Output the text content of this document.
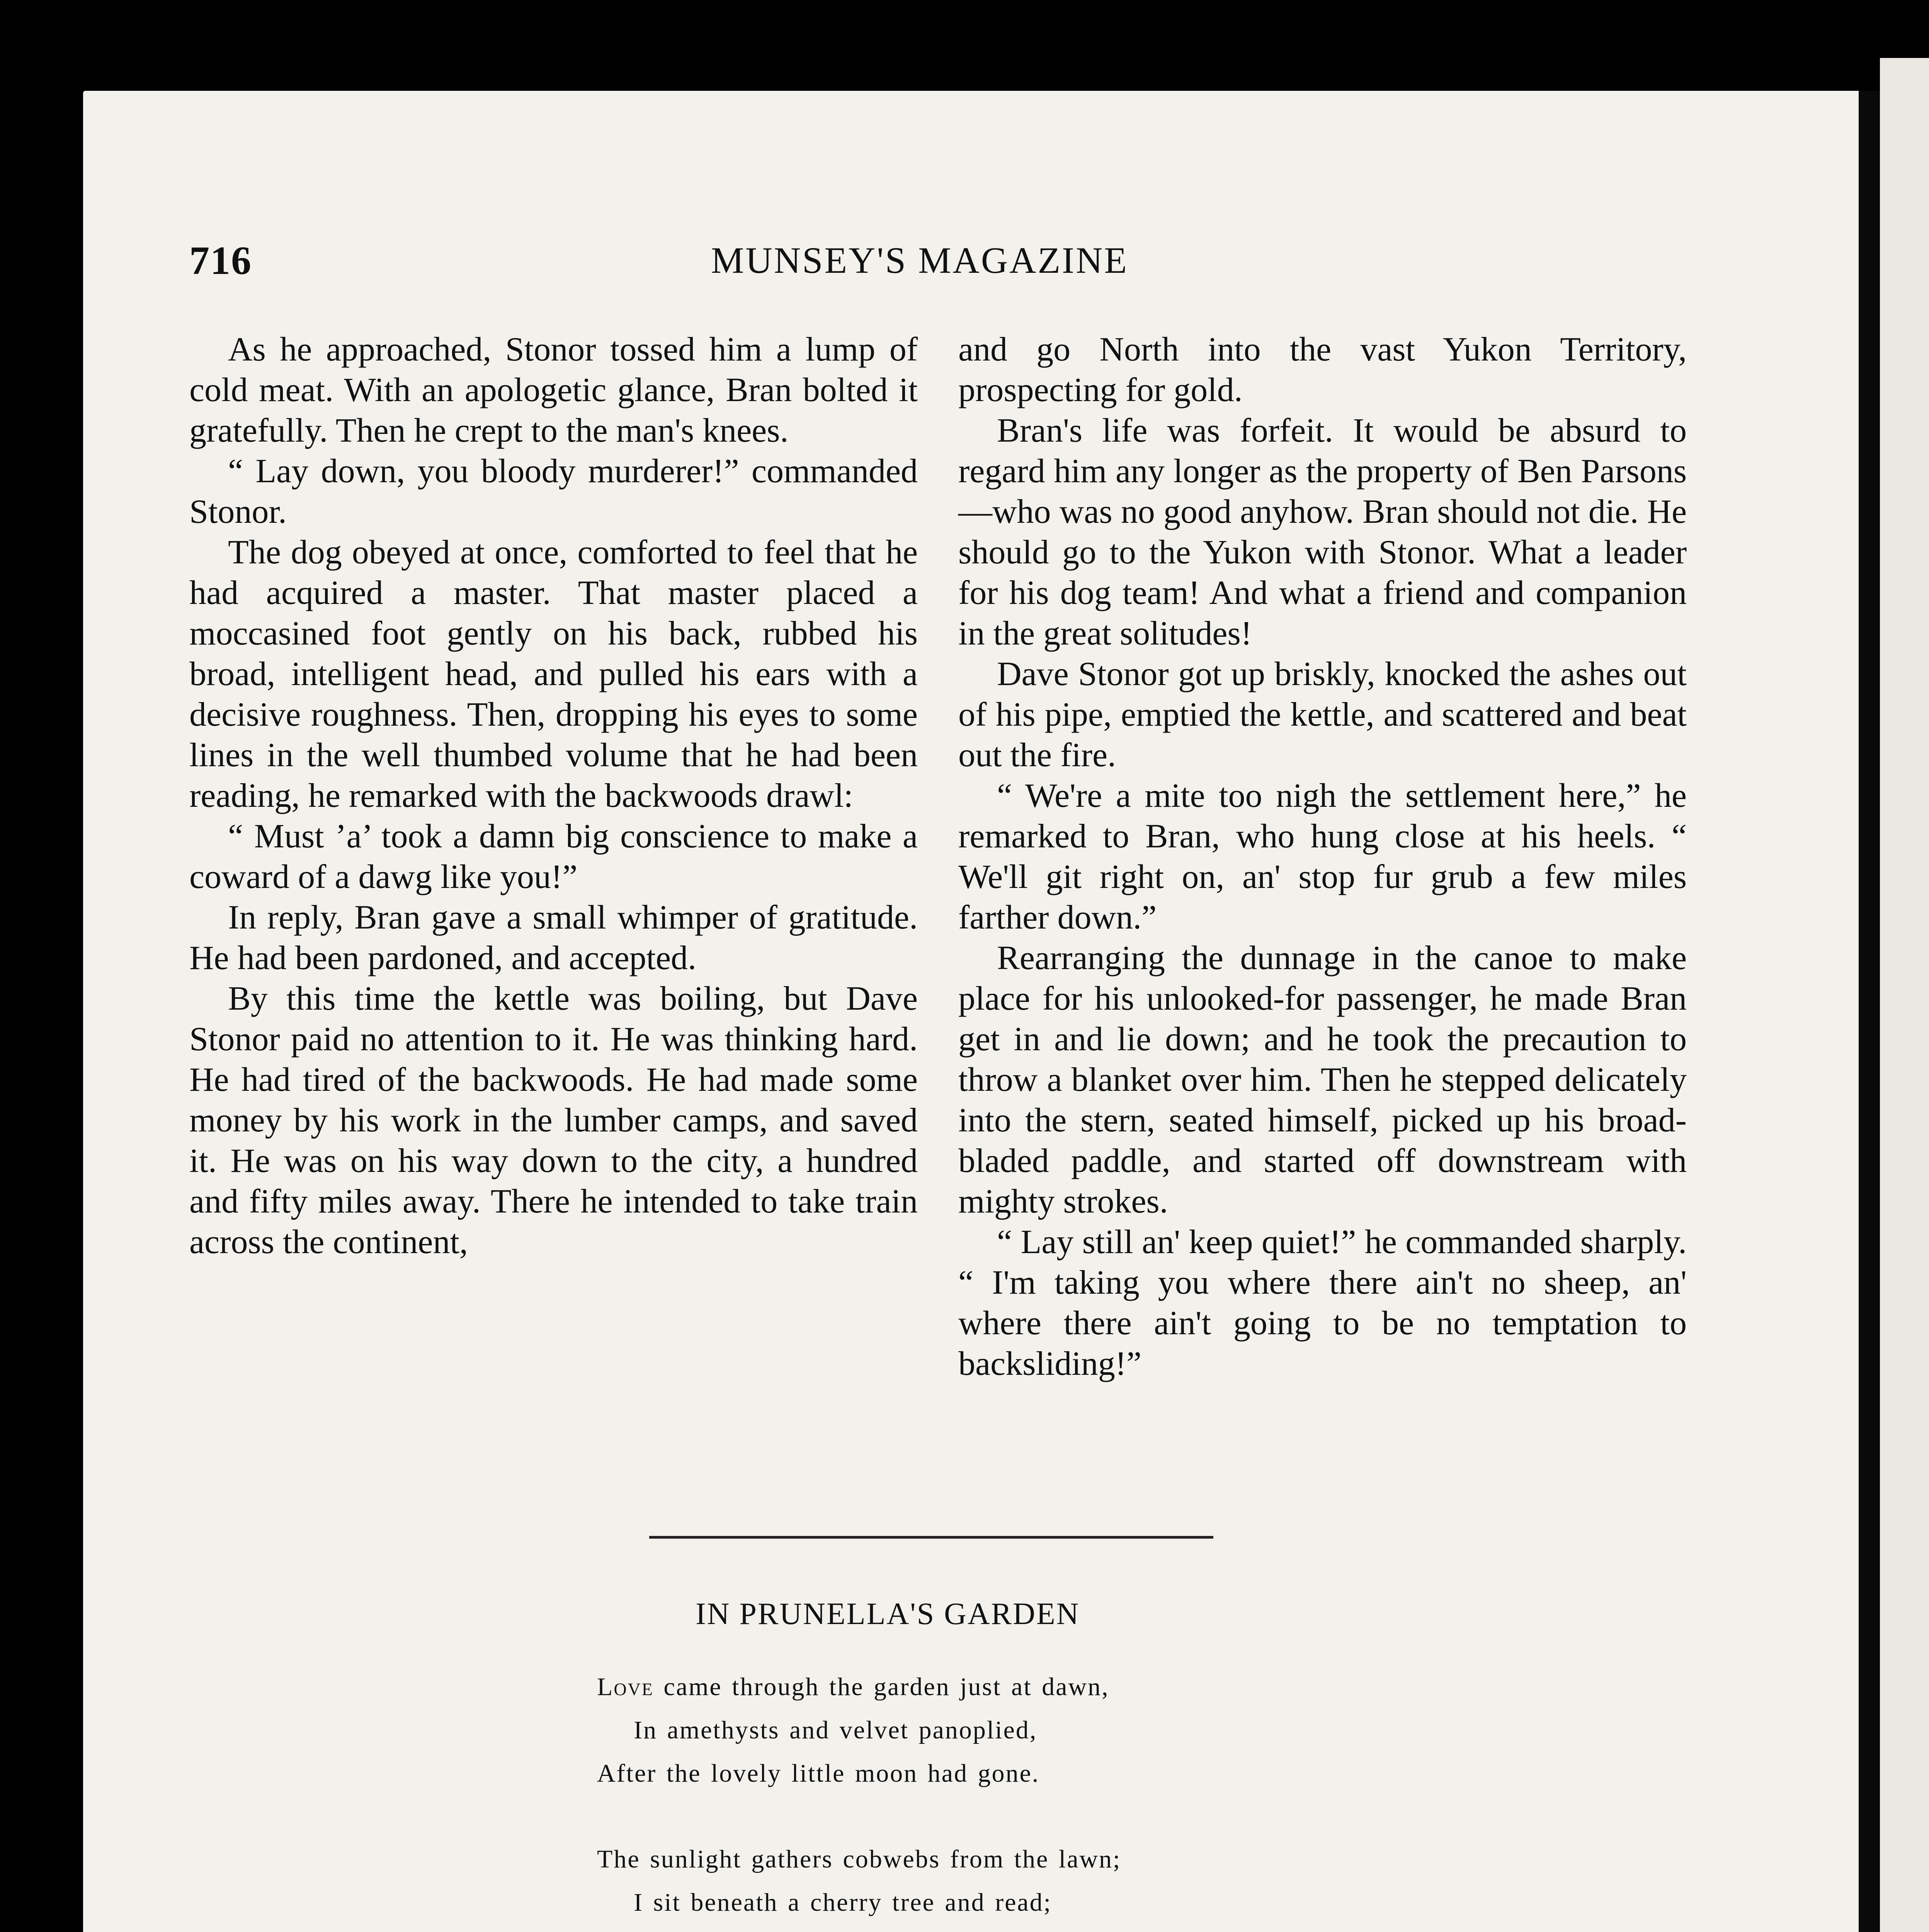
716	MUNSEY'S MAGAZINE

As he approached, Stonor tossed him a lump of cold meat. With an apologetic glance, Bran bolted it gratefully. Then he crept to the man's knees.

“ Lay down, you bloody murderer!” commanded Stonor.

The dog obeyed at once, comforted to feel that he had acquired a master. That master placed a moccasined foot gently on his back, rubbed his broad, intelligent head, and pulled his ears with a decisive roughness. Then, dropping his eyes to some lines in the well thumbed volume that he had been reading, he remarked with the backwoods drawl:

“ Must ’a’ took a damn big conscience to make a coward of a dawg like you!”

In reply, Bran gave a small whimper of gratitude. He had been pardoned, and accepted.

By this time the kettle was boiling, but Dave Stonor paid no attention to it. He was thinking hard. He had tired of the backwoods. He had made some money by his work in the lumber camps, and saved it. He was on his way down to the city, a hundred and fifty miles away. There he intended to take train across the continent,

and go North into the vast Yukon Territory, prospecting for gold.

Bran's life was forfeit. It would be absurd to regard him any longer as the property of Ben Parsons—who was no good anyhow. Bran should not die. He should go to the Yukon with Stonor. What a leader for his dog team! And what a friend and companion in the great solitudes!

Dave Stonor got up briskly, knocked the ashes out of his pipe, emptied the kettle, and scattered and beat out the fire.

“ We're a mite too nigh the settlement here,” he remarked to Bran, who hung close at his heels. “ We'll git right on, an' stop fur grub a few miles farther down.”

Rearranging the dunnage in the canoe to make place for his unlooked-for passenger, he made Bran get in and lie down; and he took the precaution to throw a blanket over him. Then he stepped delicately into the stern, seated himself, picked up his broad-bladed paddle, and started off downstream with mighty strokes.

“ Lay still an' keep quiet!” he commanded sharply. “ I'm taking you where there ain't no sheep, an' where there ain't going to be no temptation to backsliding!”

IN PRUNELLA'S GARDEN
Love came through the garden just at dawn,
In amethysts and velvet panoplied,
After the lovely little moon had gone.
The sunlight gathers cobwebs from the lawn;
I sit beneath a cherry tree and read;
